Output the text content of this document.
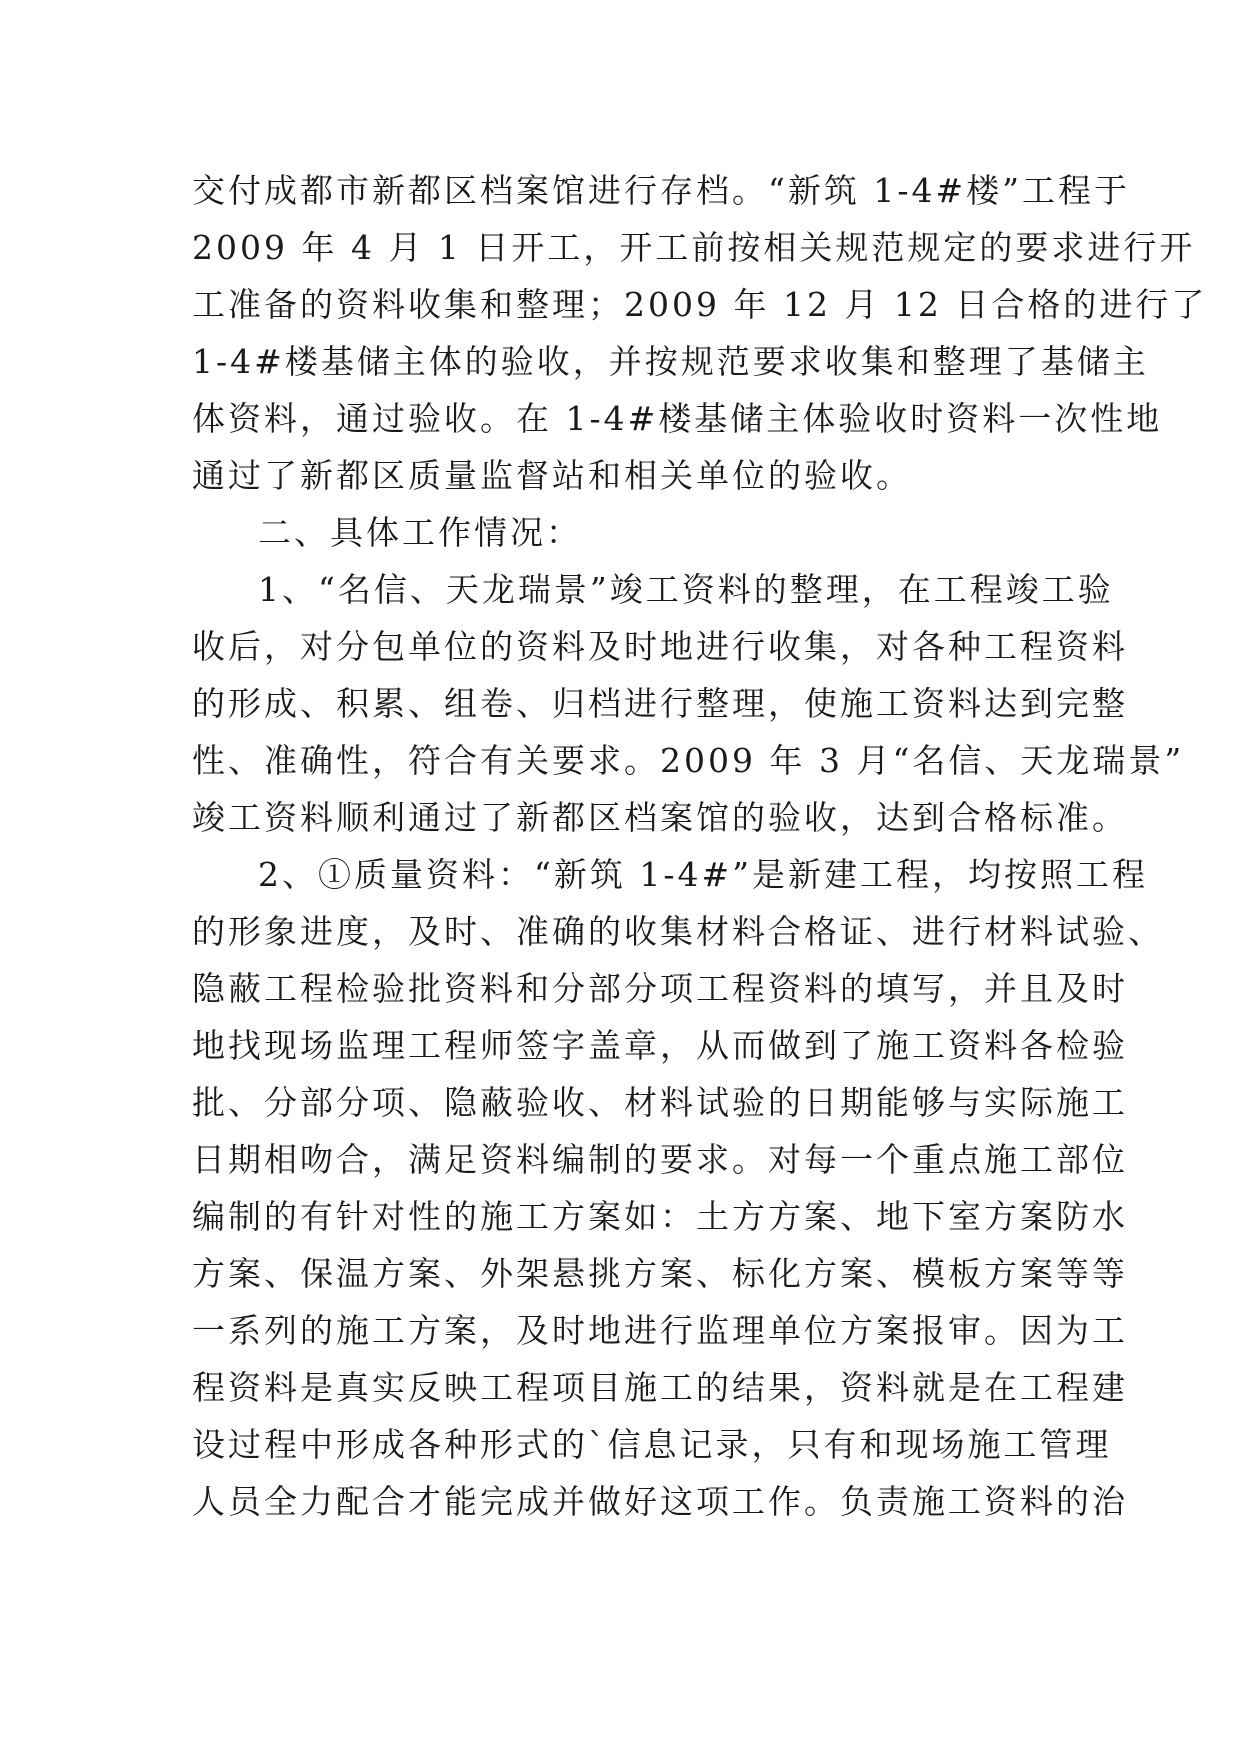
交付成都市新都区档案馆进行存档。“新筑 1-4#楼”工程于
2009 年 4 月 1 日开工，开工前按相关规范规定的要求进行开
工准备的资料收集和整理；2009 年 12 月 12 日合格的进行了
1-4#楼基储主体的验收，并按规范要求收集和整理了基储主
体资料，通过验收。在 1-4#楼基储主体验收时资料一次性地
通过了新都区质量监督站和相关单位的验收。
二、具体工作情况：
1、“名信、天龙瑞景”竣工资料的整理，在工程竣工验
收后，对分包单位的资料及时地进行收集，对各种工程资料
的形成、积累、组卷、归档进行整理，使施工资料达到完整
性、准确性，符合有关要求。2009 年 3 月“名信、天龙瑞景”
竣工资料顺利通过了新都区档案馆的验收，达到合格标准。
2、①质量资料：“新筑 1-4#”是新建工程，均按照工程
的形象进度，及时、准确的收集材料合格证、进行材料试验、
隐蔽工程检验批资料和分部分项工程资料的填写，并且及时
地找现场监理工程师签字盖章，从而做到了施工资料各检验
批、分部分项、隐蔽验收、材料试验的日期能够与实际施工
日期相吻合，满足资料编制的要求。对每一个重点施工部位
编制的有针对性的施工方案如：土方方案、地下室方案防水
方案、保温方案、外架悬挑方案、标化方案、模板方案等等
一系列的施工方案，及时地进行监理单位方案报审。因为工
程资料是真实反映工程项目施工的结果，资料就是在工程建
设过程中形成各种形式的`信息记录，只有和现场施工管理
人员全力配合才能完成并做好这项工作。负责施工资料的治
